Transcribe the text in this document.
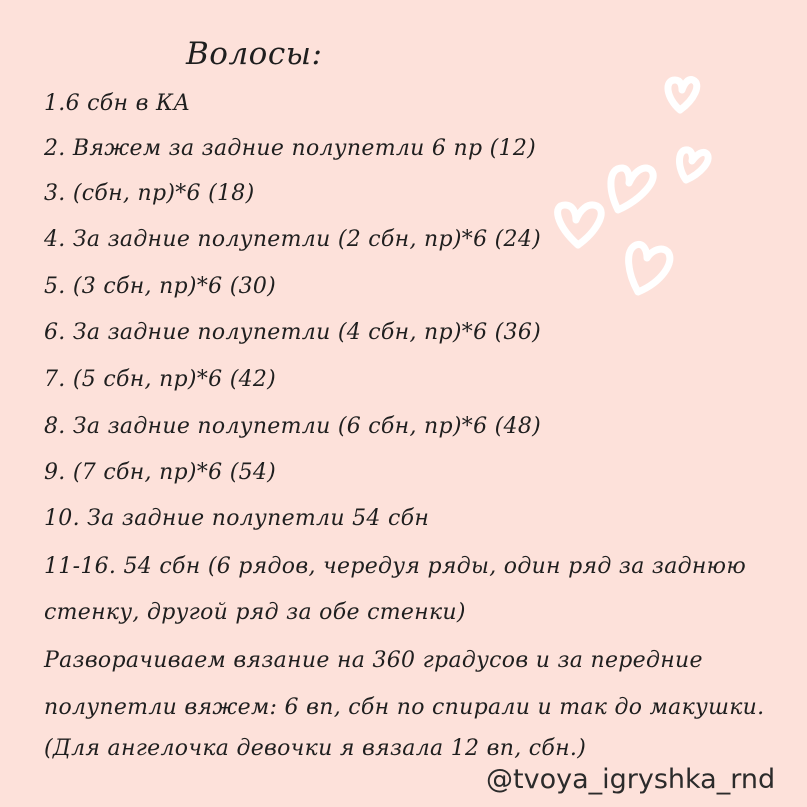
Волосы:
1.6 сбн в КА
2. Вяжем за задние полупетли 6 пр (12)
3. (сбн, пр)*6 (18)
4. За задние полупетли (2 сбн, пр)*6 (24)
5. (3 сбн, пр)*6 (30)
6. За задние полупетли (4 сбн, пр)*6 (36)
7. (5 сбн, пр)*6 (42)
8. За задние полупетли (6 сбн, пр)*6 (48)
9. (7 сбн, пр)*6 (54)
10. За задние полупетли 54 сбн
11-16. 54 сбн (6 рядов, чередуя ряды, один ряд за заднюю
стенку, другой ряд за обе стенки)
Разворачиваем вязание на 360 градусов и за передние
полупетли вяжем: 6 вп, сбн по спирали и так до макушки.
(Для ангелочка девочки я вязала 12 вп, сбн.)
@tvoya_igryshka_rnd
